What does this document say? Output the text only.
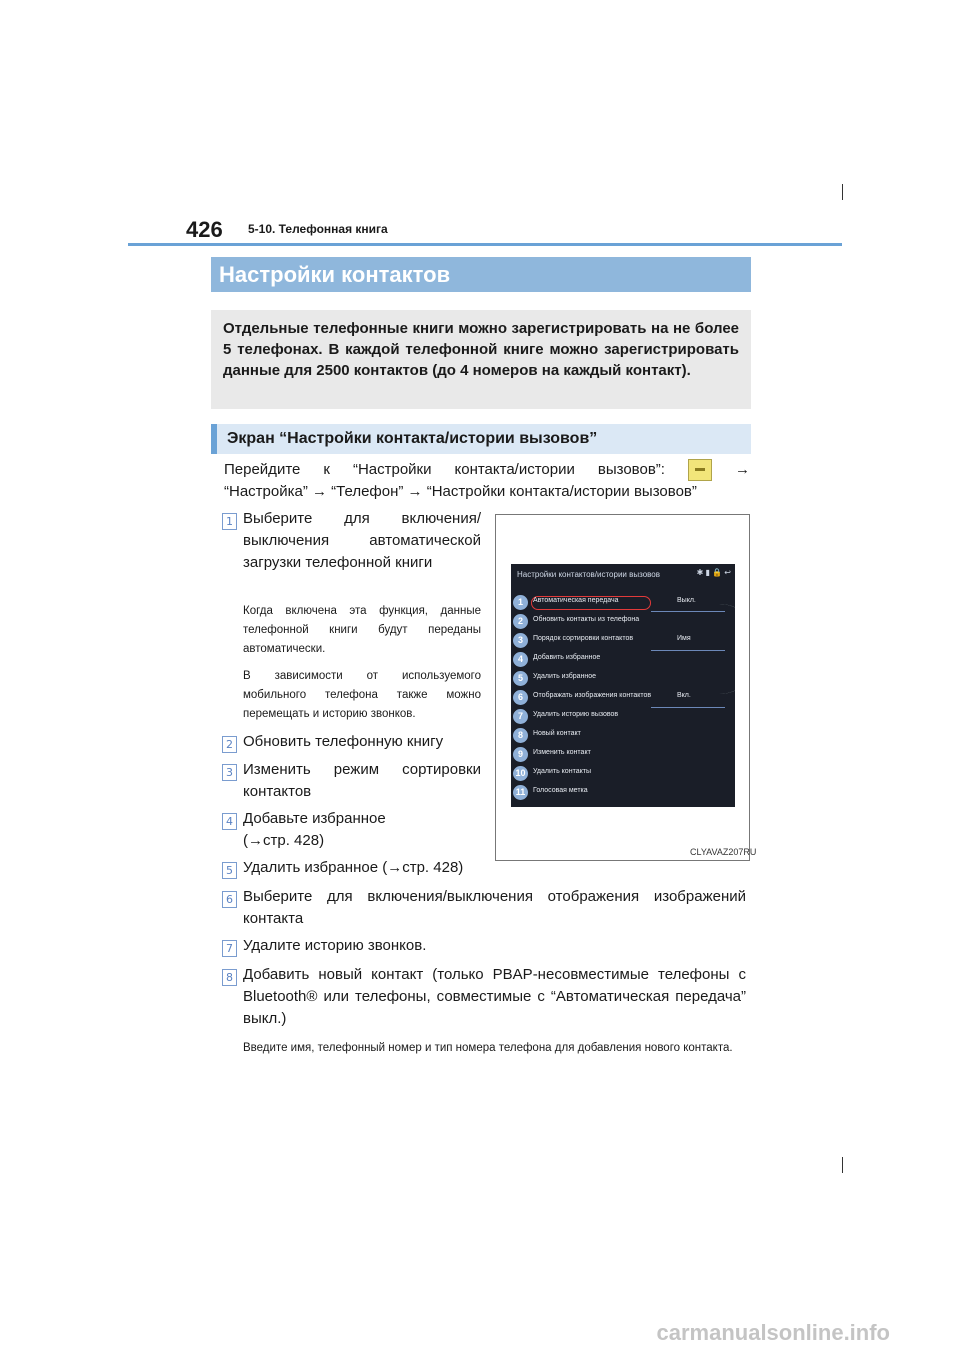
426 5-10. Телефонная книга
Настройки контактов
Отдельные телефонные книги можно зарегистрировать на не более 5 телефонах. В каждой телефонной книге можно зарегистрировать данные для 2500 контактов (до 4 номеров на каждый контакт).
Экран “Настройки контакта/истории вызовов”
Перейдите к “Настройки контакта/истории вызовов”:	→
“Настройка” → “Телефон” → “Настройки контакта/истории вызовов”
1 Выберите для включения/ выключения автоматической загрузки телефонной книги
Когда включена эта функция, данные телефонной книги будут переданы автоматически.
В зависимости от используемого мобильного телефона также можно перемещать и историю звонков.
2 Обновить телефонную книгу
3 Изменить режим сортировки контактов
4 Добавьте избранное (→стр. 428)
5 Удалить избранное (→стр. 428)
6 Выберите для включения/выключения отображения изображений контакта
7 Удалите историю звонков.
8 Добавить новый контакт (только PBAP-несовместимые телефоны с Bluetooth® или телефоны, совместимые с “Автоматическая передача” выкл.)
Введите имя, телефонный номер и тип номера телефона для добавления нового контакта.
Настройки контактов/истории вызовов	✱ ▮ 🔒 ↩
1	Автоматическая передача	Выкл.
2	Обновить контакты из телефона
3	Порядок сортировки контактов	Имя
4	Добавить избранное
5	Удалить избранное
6	Отображать изображения контактов	Вкл.
7	Удалить историю вызовов
8	Новый контакт
9	Изменить контакт
10	Удалить контакты
11	Голосовая метка
CLYAVAZ207RU
carmanualsonline.info
